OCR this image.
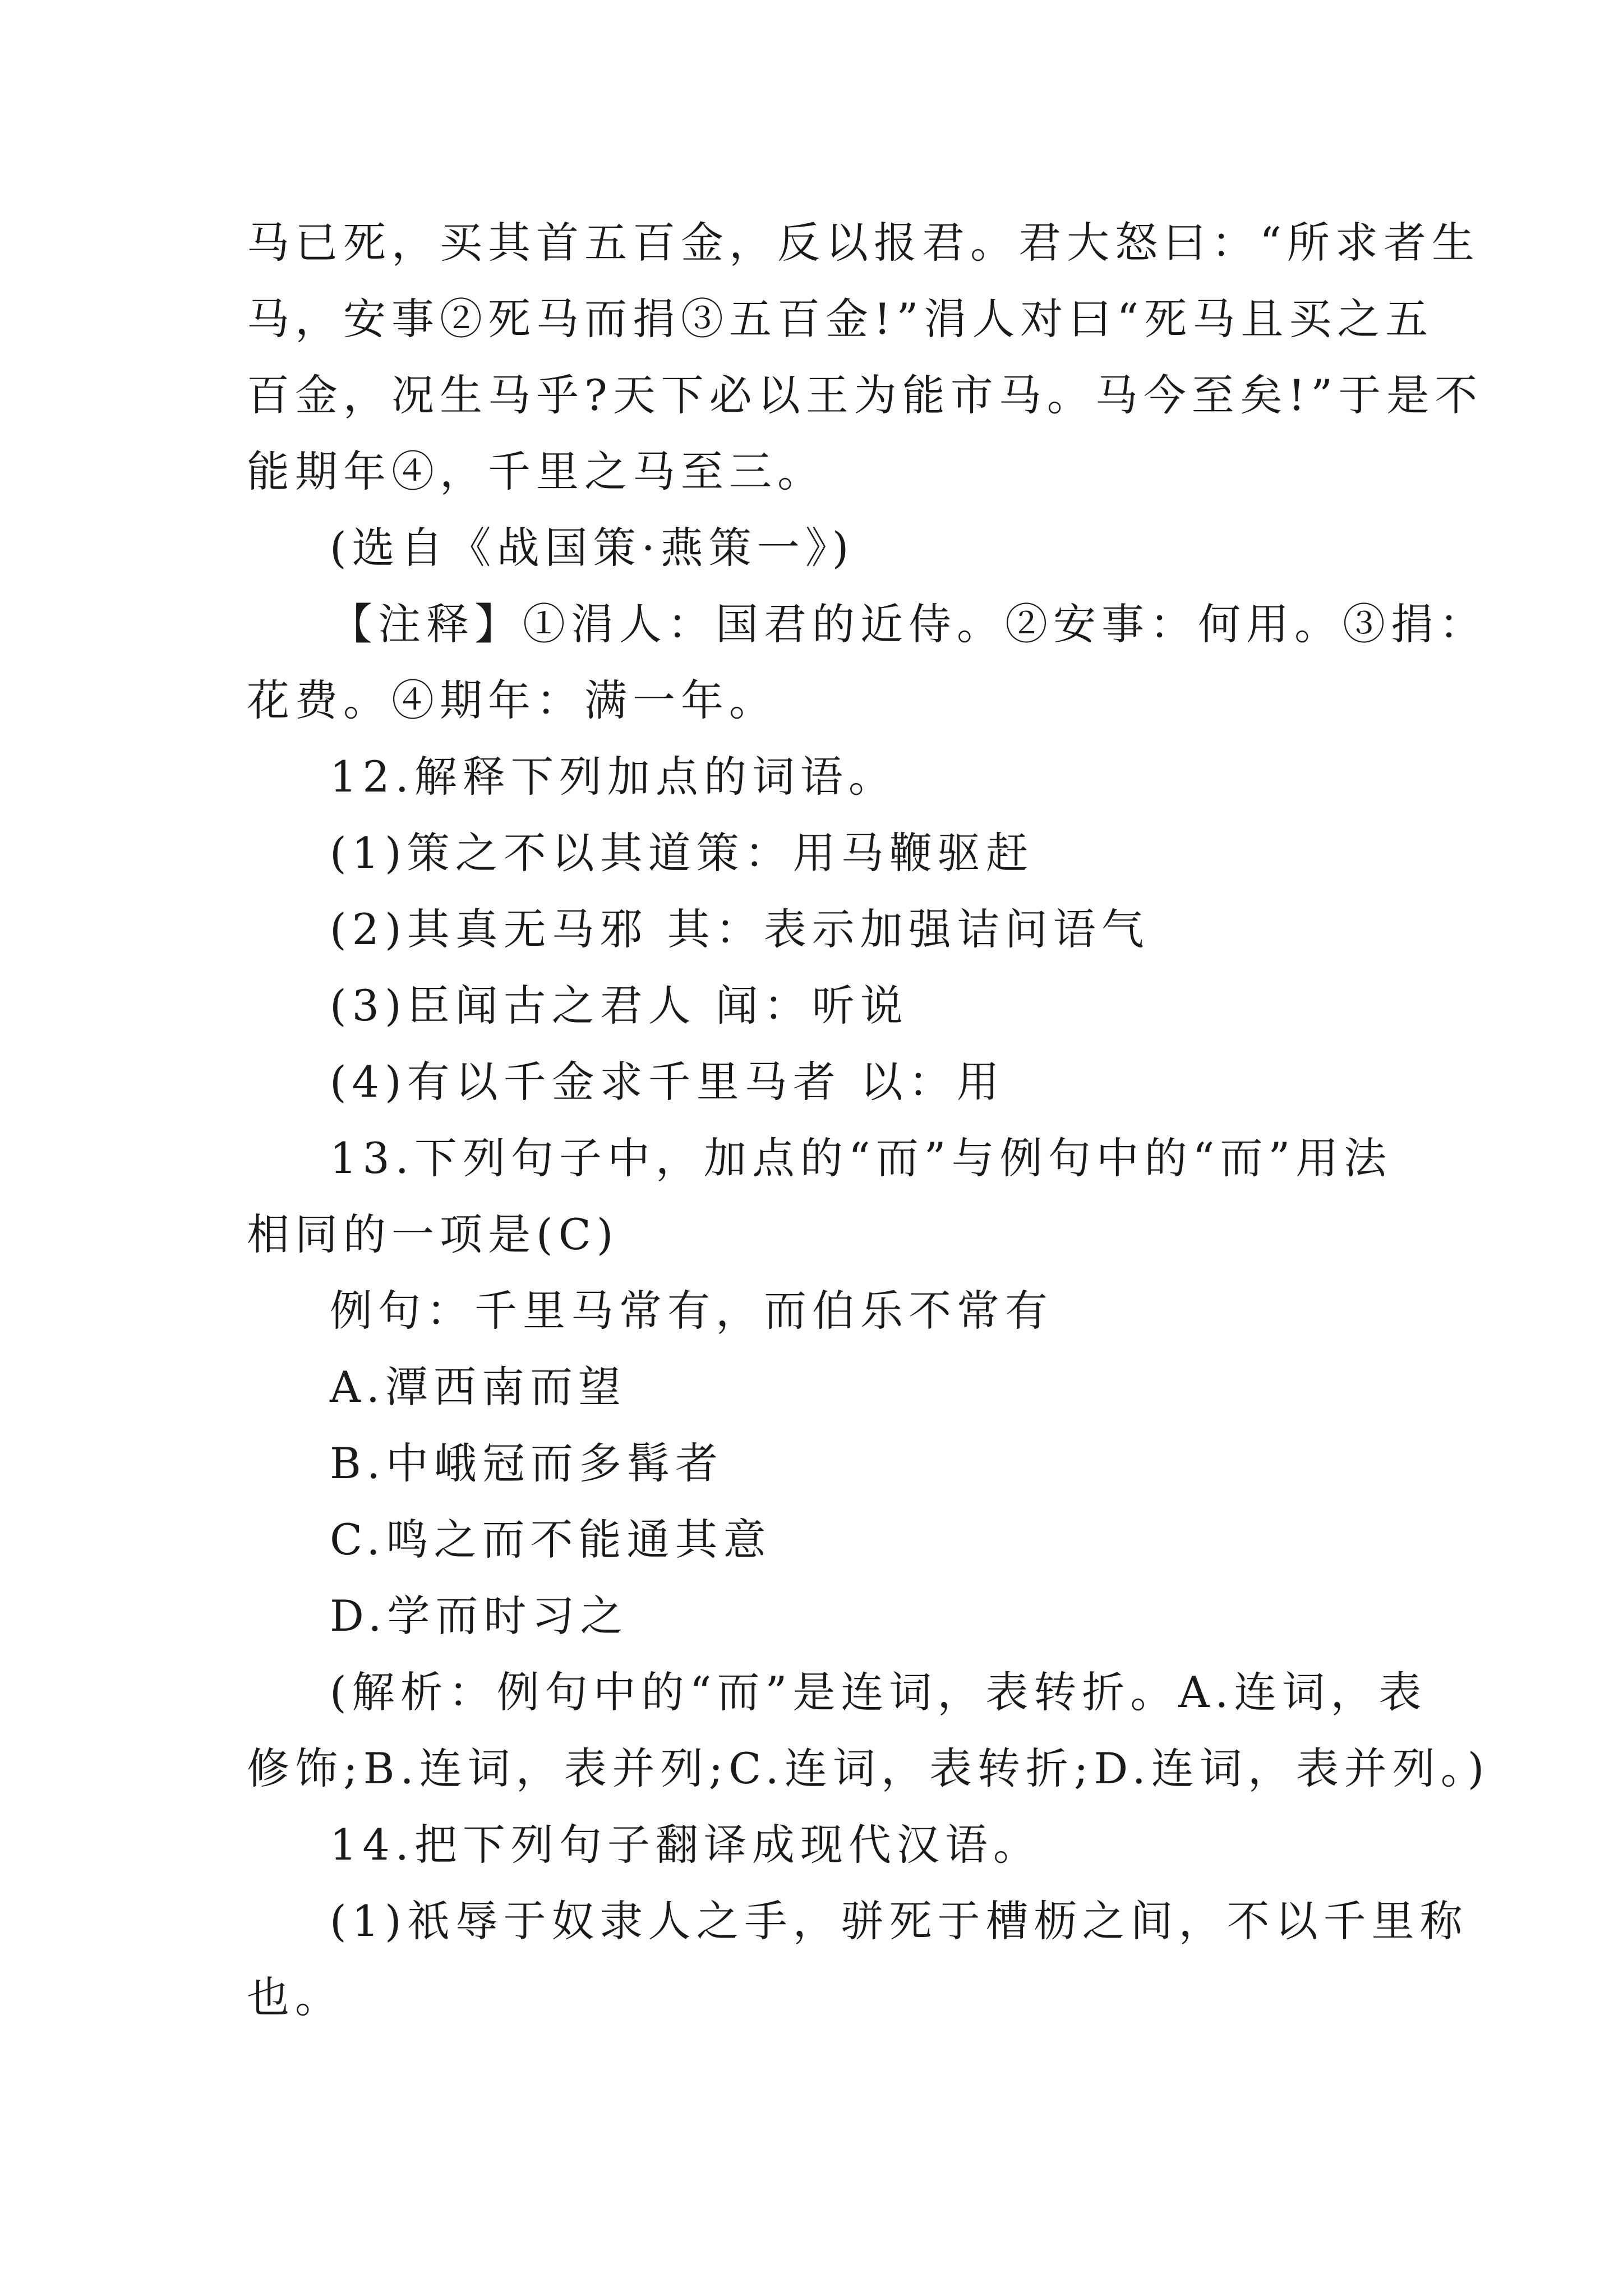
马已死，买其首五百金，反以报君。君大怒曰：“所求者生
马，安事②死马而捐③五百金!”涓人对曰“死马且买之五
百金，况生马乎?天下必以王为能市马。马今至矣!”于是不
能期年④，千里之马至三。
(选自《战国策·燕策一》)
【注释】①涓人：国君的近侍。②安事：何用。③捐：
花费。④期年：满一年。
12.解释下列加点的词语。
(1)策之不以其道策：用马鞭驱赶
(2)其真无马邪 其：表示加强诘问语气
(3)臣闻古之君人 闻：听说
(4)有以千金求千里马者 以：用
13.下列句子中，加点的“而”与例句中的“而”用法
相同的一项是(C)
例句：千里马常有，而伯乐不常有
A.潭西南而望
B.中峨冠而多髯者
C.鸣之而不能通其意
D.学而时习之
(解析：例句中的“而”是连词，表转折。A.连词，表
修饰;B.连词，表并列;C.连词，表转折;D.连词，表并列。)
14.把下列句子翻译成现代汉语。
(1)祇辱于奴隶人之手，骈死于槽枥之间，不以千里称
也。
